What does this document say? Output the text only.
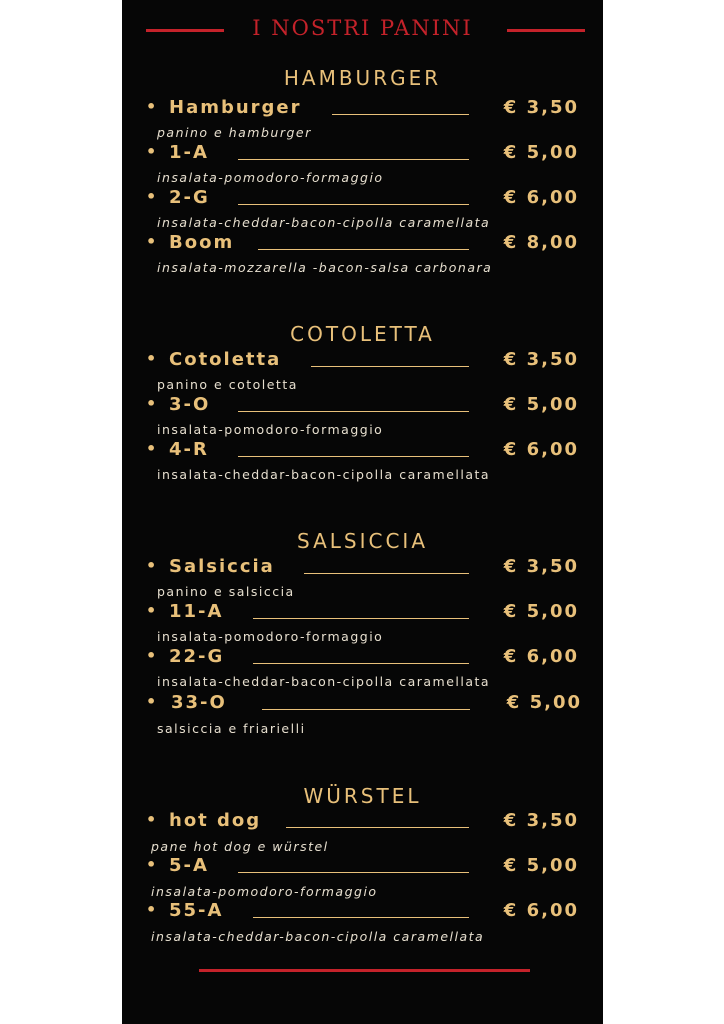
I NOSTRI PANINI
HAMBURGER
• Hamburger	€ 3,50
panino e hamburger
• 1-A	€ 5,00
insalata-pomodoro-formaggio
• 2-G	€ 6,00
insalata-cheddar-bacon-cipolla caramellata
• Boom	€ 8,00
insalata-mozzarella -bacon-salsa carbonara
COTOLETTA
• Cotoletta	€ 3,50
panino e cotoletta
• 3-O	€ 5,00
insalata-pomodoro-formaggio
• 4-R	€ 6,00
insalata-cheddar-bacon-cipolla caramellata
SALSICCIA
• Salsiccia	€ 3,50
panino e salsiccia
• 11-A	€ 5,00
insalata-pomodoro-formaggio
• 22-G	€ 6,00
insalata-cheddar-bacon-cipolla caramellata
• 33-O	€ 5,00
salsiccia e friarielli
WÜRSTEL
• hot dog	€ 3,50
pane hot dog e würstel
• 5-A	€ 5,00
insalata-pomodoro-formaggio
• 55-A	€ 6,00
insalata-cheddar-bacon-cipolla caramellata
